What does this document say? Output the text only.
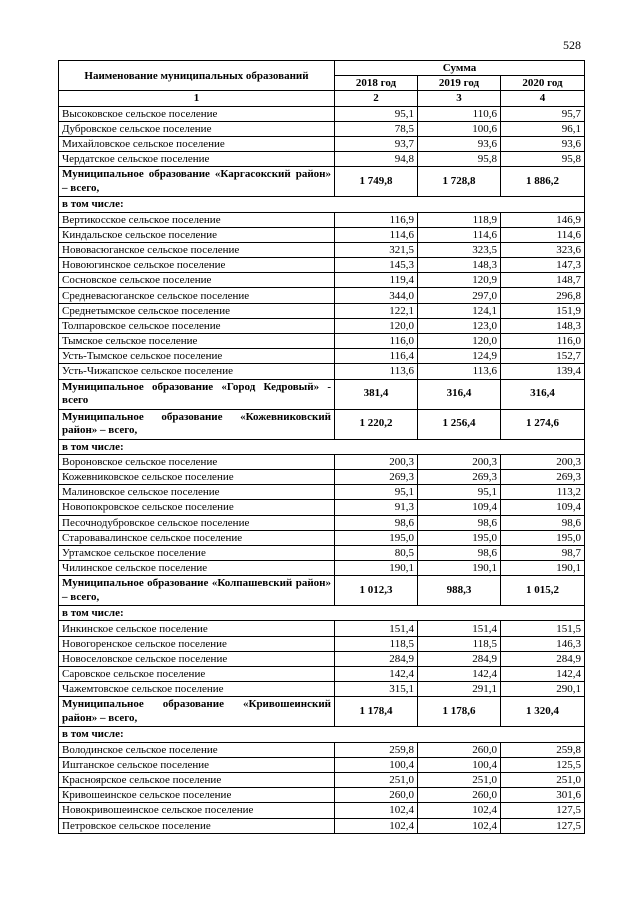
528
Наименование муниципальных образований	Сумма		
	2018 год	2019 год	2020 год
1	2	3	4
Высоковское сельское поселение	95,1	110,6	95,7
Дубровское сельское поселение	78,5	100,6	96,1
Михайловское сельское поселение	93,7	93,6	93,6
Чердатское сельское поселение	94,8	95,8	95,8
Муниципальное образование «Каргасокский район» – всего,	1 749,8	1 728,8	1 886,2
в том числе:			
Вертикосское сельское поселение	116,9	118,9	146,9
Киндальское сельское поселение	114,6	114,6	114,6
Нововасюганское сельское поселение	321,5	323,5	323,6
Новоюгинское сельское поселение	145,3	148,3	147,3
Сосновское сельское поселение	119,4	120,9	148,7
Средневасюганское сельское поселение	344,0	297,0	296,8
Среднетымское сельское поселение	122,1	124,1	151,9
Толпаровское сельское поселение	120,0	123,0	148,3
Тымское сельское поселение	116,0	120,0	116,0
Усть-Тымское сельское поселение	116,4	124,9	152,7
Усть-Чижапское сельское поселение	113,6	113,6	139,4
Муниципальное образование «Город Кедровый» - всего	381,4	316,4	316,4
Муниципальное образование «Кожевниковский район» – всего,	1 220,2	1 256,4	1 274,6
в том числе:			
Вороновское сельское поселение	200,3	200,3	200,3
Кожевниковское сельское поселение	269,3	269,3	269,3
Малиновское сельское поселение	95,1	95,1	113,2
Новопокровское сельское поселение	91,3	109,4	109,4
Песочнодубровское сельское поселение	98,6	98,6	98,6
Старовавалинское сельское поселение	195,0	195,0	195,0
Уртамское сельское поселение	80,5	98,6	98,7
Чилинское сельское поселение	190,1	190,1	190,1
Муниципальное образование «Колпашевский район» – всего,	1 012,3	988,3	1 015,2
в том числе:			
Инкинское сельское поселение	151,4	151,4	151,5
Новогоренское сельское поселение	118,5	118,5	146,3
Новоселовское сельское поселение	284,9	284,9	284,9
Саровское сельское поселение	142,4	142,4	142,4
Чажемтовское сельское поселение	315,1	291,1	290,1
Муниципальное образование «Кривошеинский район» – всего,	1 178,4	1 178,6	1 320,4
в том числе:			
Володинское сельское поселение	259,8	260,0	259,8
Иштанское сельское поселение	100,4	100,4	125,5
Красноярское сельское поселение	251,0	251,0	251,0
Кривошеинское сельское поселение	260,0	260,0	301,6
Новокривошеинское сельское поселение	102,4	102,4	127,5
Петровское сельское поселение	102,4	102,4	127,5
